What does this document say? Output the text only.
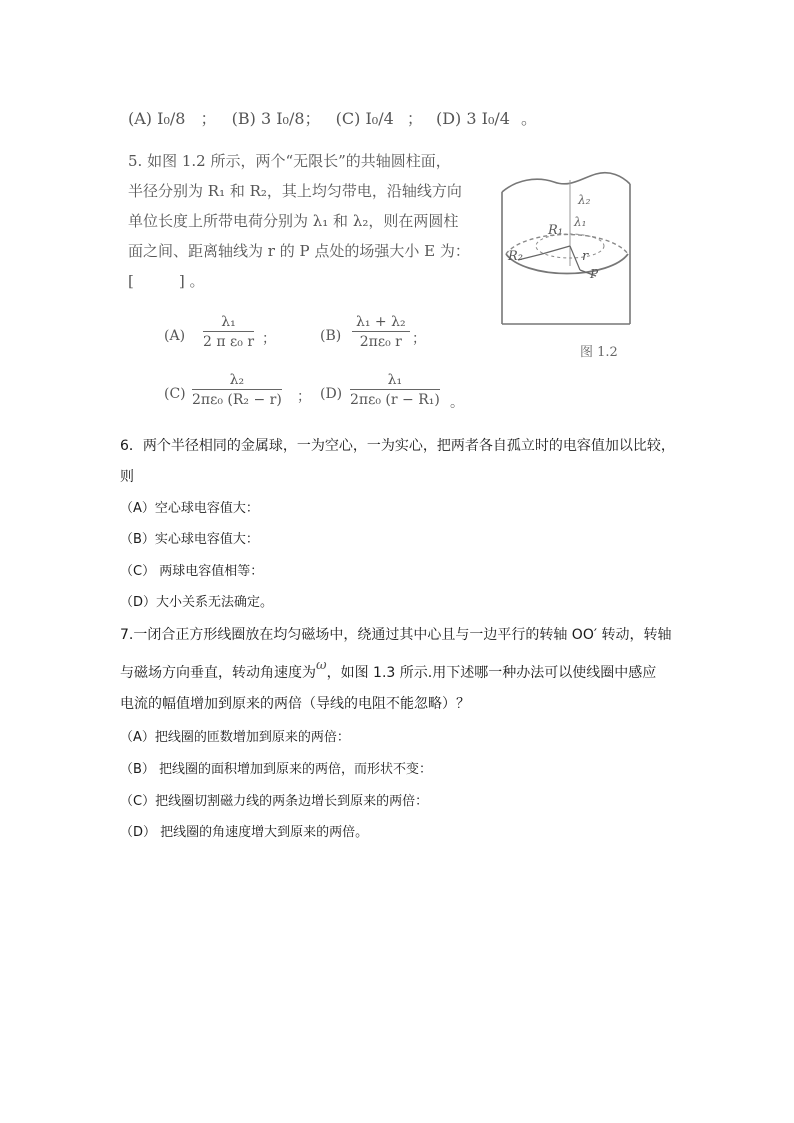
(A) I₀/8 ； (B) 3 I₀/8； (C) I₀/4 ； (D) 3 I₀/4 。
5. 如图 1.2 所示，两个“无限长”的共轴圆柱面，
半径分别为 R₁ 和 R₂，其上均匀带电，沿轴线方向
单位长度上所带电荷分别为 λ₁ 和 λ₂，则在两圆柱
面之间、距离轴线为 r 的 P 点处的场强大小 E 为：
[　　　] 。
$(A) \frac{\text{λ₁}}{\text{2 π ε₀ r}}$ ；	$(B) \frac{\text{λ₁ + λ₂}}{\text{2πε₀ r}}$ ；
$(C) \frac{\text{λ₂}}{\text{2πε₀ (R₂ − r)}}$ ； $(D) \frac{\text{λ₁}}{\text{2πε₀ (r − R₁)}}$ 。
λ₂
λ₁
R₁
R₂	r
P
图 1.2
6．两个半径相同的金属球，一为空心，一为实心，把两者各自孤立时的电容值加以比较，
则
（A）空心球电容值大：
（B）实心球电容值大：
（C） 两球电容值相等：
（D）大小关系无法确定。
7.一闭合正方形线圈放在均匀磁场中，绕通过其中心且与一边平行的转轴 OO′ 转动，转轴
与磁场方向垂直，转动角速度为ω，如图 1.3 所示.用下述哪一种办法可以使线圈中感应
电流的幅值增加到原来的两倍（导线的电阻不能忽略）？
（A）把线圈的匝数增加到原来的两倍：
（B） 把线圈的面积增加到原来的两倍，而形状不变：
（C）把线圈切割磁力线的两条边增长到原来的两倍：
（D） 把线圈的角速度增大到原来的两倍。
